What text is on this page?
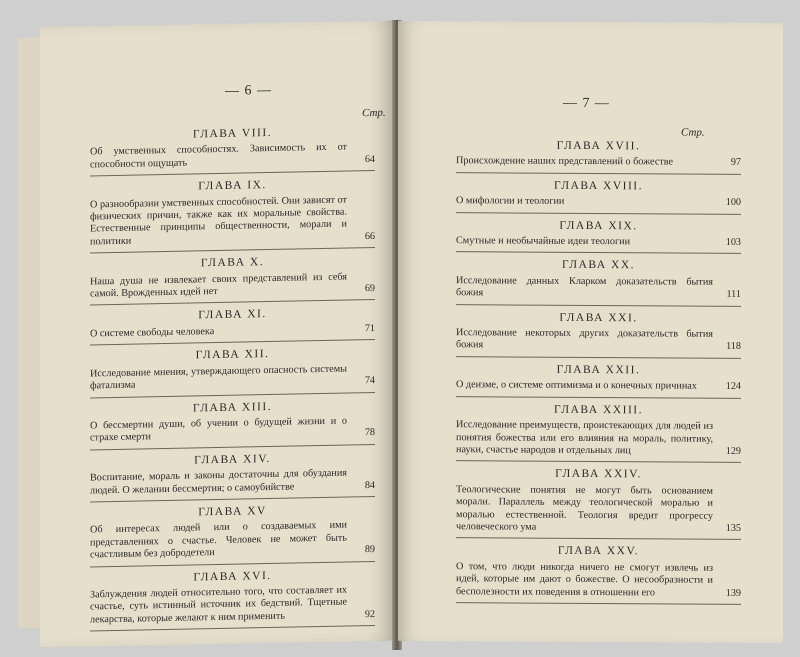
— 6 —
Стр.
ГЛАВА VIII.
Об умственных способностях. Зависимость их от способности ощущать	64
ГЛАВА IX.
О разнообразии умственных способностей. Они зависят от физических причин, также как их моральные свойства. Естественные принципы общественности, морали и политики	66
ГЛАВА X.
Наша душа не извлекает своих представлений из себя самой. Врожденных идей нет	69
ГЛАВА XI.
О системе свободы человека	71
ГЛАВА XII.
Исследование мнения, утверждающего опасность системы фатализма	74
ГЛАВА XIII.
О бессмертии души, об учении о будущей жизни и о страхе смерти	78
ГЛАВА XIV.
Воспитание, мораль и законы достаточны для обуздания людей. О желании бессмертия; о самоубийстве	84
ГЛАВА XV
Об интересах людей или о создаваемых ими представлениях о счастье. Человек не может быть счастливым без добродетели	89
ГЛАВА XVI.
Заблуждения людей относительно того, что составляет их счастье, суть истинный источник их бедствий. Тщетные лекарства, которые желают к ним применить	92
— 7 —
Стр.
ГЛАВА XVII.
Происхождение наших представлений о божестве	97
ГЛАВА XVIII.
О мифологии и теологии	100
ГЛАВА XIX.
Смутные и необычайные идеи теологии	103
ГЛАВА XX.
Исследование данных Кларком доказательств бытия божия	111
ГЛАВА XXI.
Исследование некоторых других доказательств бытия божия	118
ГЛАВА XXII.
О деизме, о системе оптимизма и о конечных причинах	124
ГЛАВА XXIII.
Исследование преимуществ, проистекающих для людей из понятия божества или его влияния на мораль, политику, науки, счастье народов и отдельных лиц	129
ГЛАВА XXIV.
Теологические понятия не могут быть основанием морали. Параллель между теологической моралью и моралью естественной. Теология вредит прогрессу человеческого ума	135
ГЛАВА XXV.
О том, что люди никогда ничего не смогут извлечь из идей, которые им дают о божестве. О несообразности и бесполезности их поведения в отношении его	139
